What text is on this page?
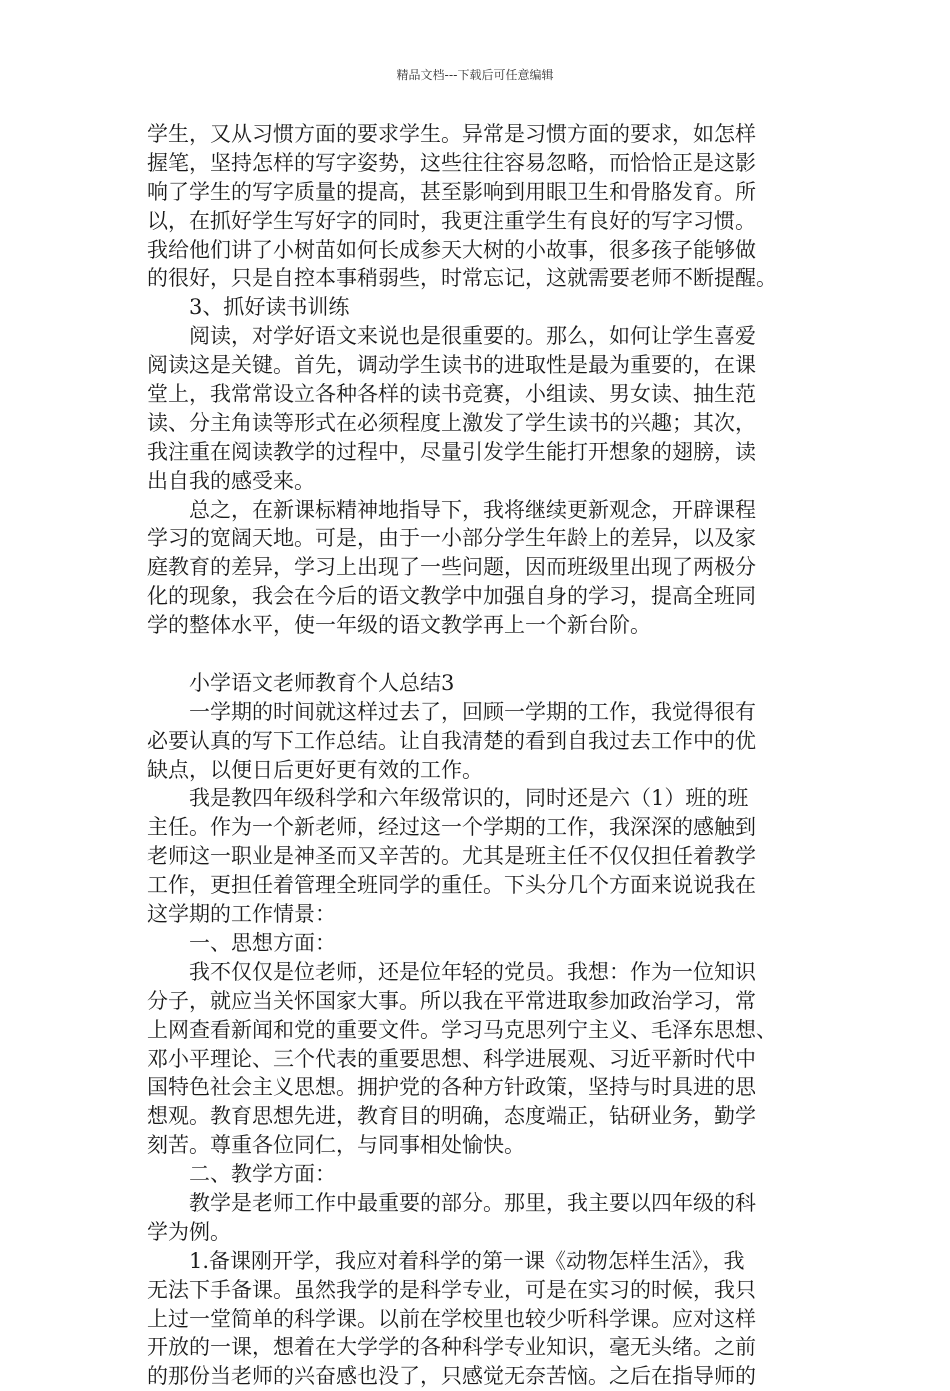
精品文档---下载后可任意编辑
学生，又从习惯方面的要求学生。异常是习惯方面的要求，如怎样
握笔，坚持怎样的写字姿势，这些往往容易忽略，而恰恰正是这影
响了学生的写字质量的提高，甚至影响到用眼卫生和骨胳发育。所
以，在抓好学生写好字的同时，我更注重学生有良好的写字习惯。
我给他们讲了小树苗如何长成参天大树的小故事，很多孩子能够做
的很好，只是自控本事稍弱些，时常忘记，这就需要老师不断提醒。
　　3、抓好读书训练
　　阅读，对学好语文来说也是很重要的。那么，如何让学生喜爱
阅读这是关键。首先，调动学生读书的进取性是最为重要的，在课
堂上，我常常设立各种各样的读书竞赛，小组读、男女读、抽生范
读、分主角读等形式在必须程度上激发了学生读书的兴趣；其次，
我注重在阅读教学的过程中，尽量引发学生能打开想象的翅膀，读
出自我的感受来。
　　总之，在新课标精神地指导下，我将继续更新观念，开辟课程
学习的宽阔天地。可是，由于一小部分学生年龄上的差异，以及家
庭教育的差异，学习上出现了一些问题，因而班级里出现了两极分
化的现象，我会在今后的语文教学中加强自身的学习，提高全班同
学的整体水平，使一年级的语文教学再上一个新台阶。
　　小学语文老师教育个人总结3
　　一学期的时间就这样过去了，回顾一学期的工作，我觉得很有
必要认真的写下工作总结。让自我清楚的看到自我过去工作中的优
缺点，以便日后更好更有效的工作。
　　我是教四年级科学和六年级常识的，同时还是六（1）班的班
主任。作为一个新老师，经过这一个学期的工作，我深深的感触到
老师这一职业是神圣而又辛苦的。尤其是班主任不仅仅担任着教学
工作，更担任着管理全班同学的重任。下头分几个方面来说说我在
这学期的工作情景：
　　一、思想方面：
　　我不仅仅是位老师，还是位年轻的党员。我想：作为一位知识
分子，就应当关怀国家大事。所以我在平常进取参加政治学习，常
上网查看新闻和党的重要文件。学习马克思列宁主义、毛泽东思想、
邓小平理论、三个代表的重要思想、科学进展观、习近平新时代中
国特色社会主义思想。拥护党的各种方针政策，坚持与时具进的思
想观。教育思想先进，教育目的明确，态度端正，钻研业务，勤学
刻苦。尊重各位同仁，与同事相处愉快。
　　二、教学方面：
　　教学是老师工作中最重要的部分。那里，我主要以四年级的科
学为例。
　　1.备课刚开学，我应对着科学的第一课《动物怎样生活》，我
无法下手备课。虽然我学的是科学专业，可是在实习的时候，我只
上过一堂简单的科学课。以前在学校里也较少听科学课。应对这样
开放的一课，想着在大学学的各种科学专业知识，毫无头绪。之前
的那份当老师的兴奋感也没了，只感觉无奈苦恼。之后在指导师的
